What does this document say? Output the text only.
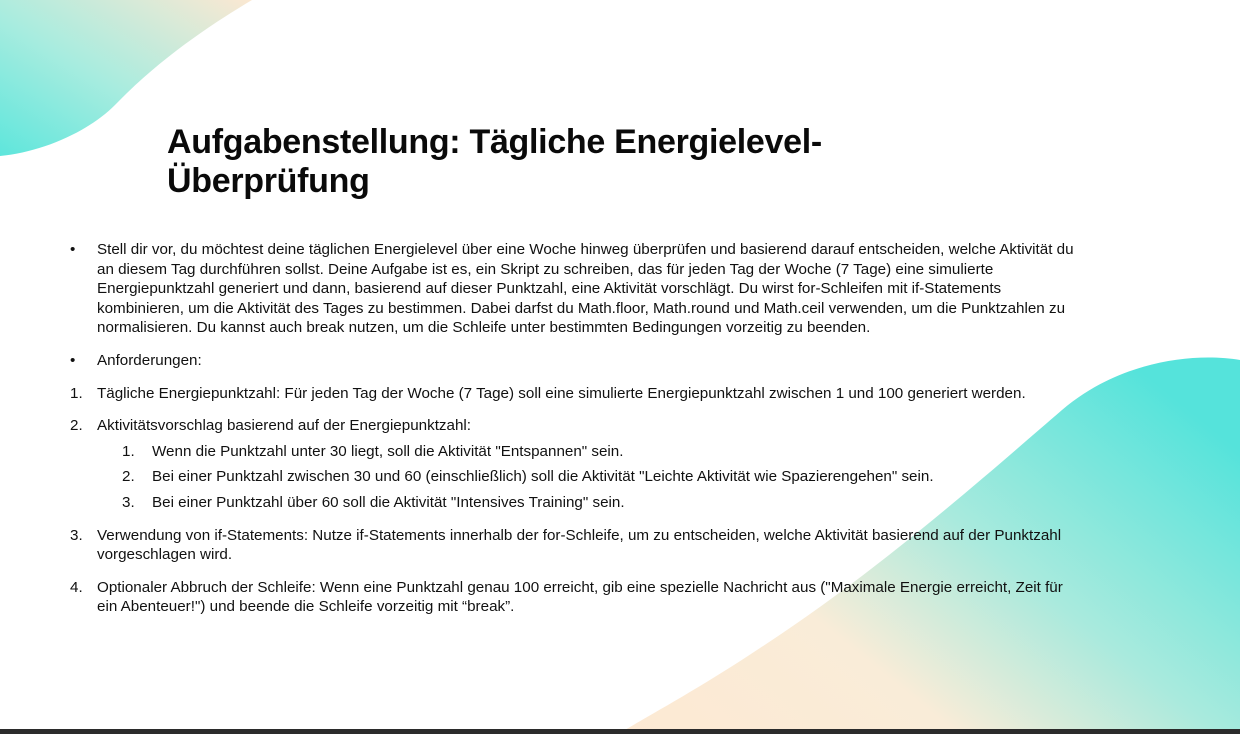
Aufgabenstellung: Tägliche Energielevel-Überprüfung
•	Stell dir vor, du möchtest deine täglichen Energielevel über eine Woche hinweg überprüfen und basierend darauf entscheiden, welche Aktivität du an diesem Tag durchführen sollst. Deine Aufgabe ist es, ein Skript zu schreiben, das für jeden Tag der Woche (7 Tage) eine simulierte Energiepunktzahl generiert und dann, basierend auf dieser Punktzahl, eine Aktivität vorschlägt. Du wirst for-Schleifen mit if-Statements kombinieren, um die Aktivität des Tages zu bestimmen. Dabei darfst du Math.floor, Math.round und Math.ceil verwenden, um die Punktzahlen zu normalisieren. Du kannst auch break nutzen, um die Schleife unter bestimmten Bedingungen vorzeitig zu beenden.
•	Anforderungen:
1. Tägliche Energiepunktzahl: Für jeden Tag der Woche (7 Tage) soll eine simulierte Energiepunktzahl zwischen 1 und 100 generiert werden.
2. Aktivitätsvorschlag basierend auf der Energiepunktzahl:
1.	Wenn die Punktzahl unter 30 liegt, soll die Aktivität "Entspannen" sein.
2.	Bei einer Punktzahl zwischen 30 und 60 (einschließlich) soll die Aktivität "Leichte Aktivität wie Spazierengehen" sein.
3.	Bei einer Punktzahl über 60 soll die Aktivität "Intensives Training" sein.
3. Verwendung von if-Statements: Nutze if-Statements innerhalb der for-Schleife, um zu entscheiden, welche Aktivität basierend auf der Punktzahl vorgeschlagen wird.
4. Optionaler Abbruch der Schleife: Wenn eine Punktzahl genau 100 erreicht, gib eine spezielle Nachricht aus ("Maximale Energie erreicht, Zeit für ein Abenteuer!") und beende die Schleife vorzeitig mit “break”.
